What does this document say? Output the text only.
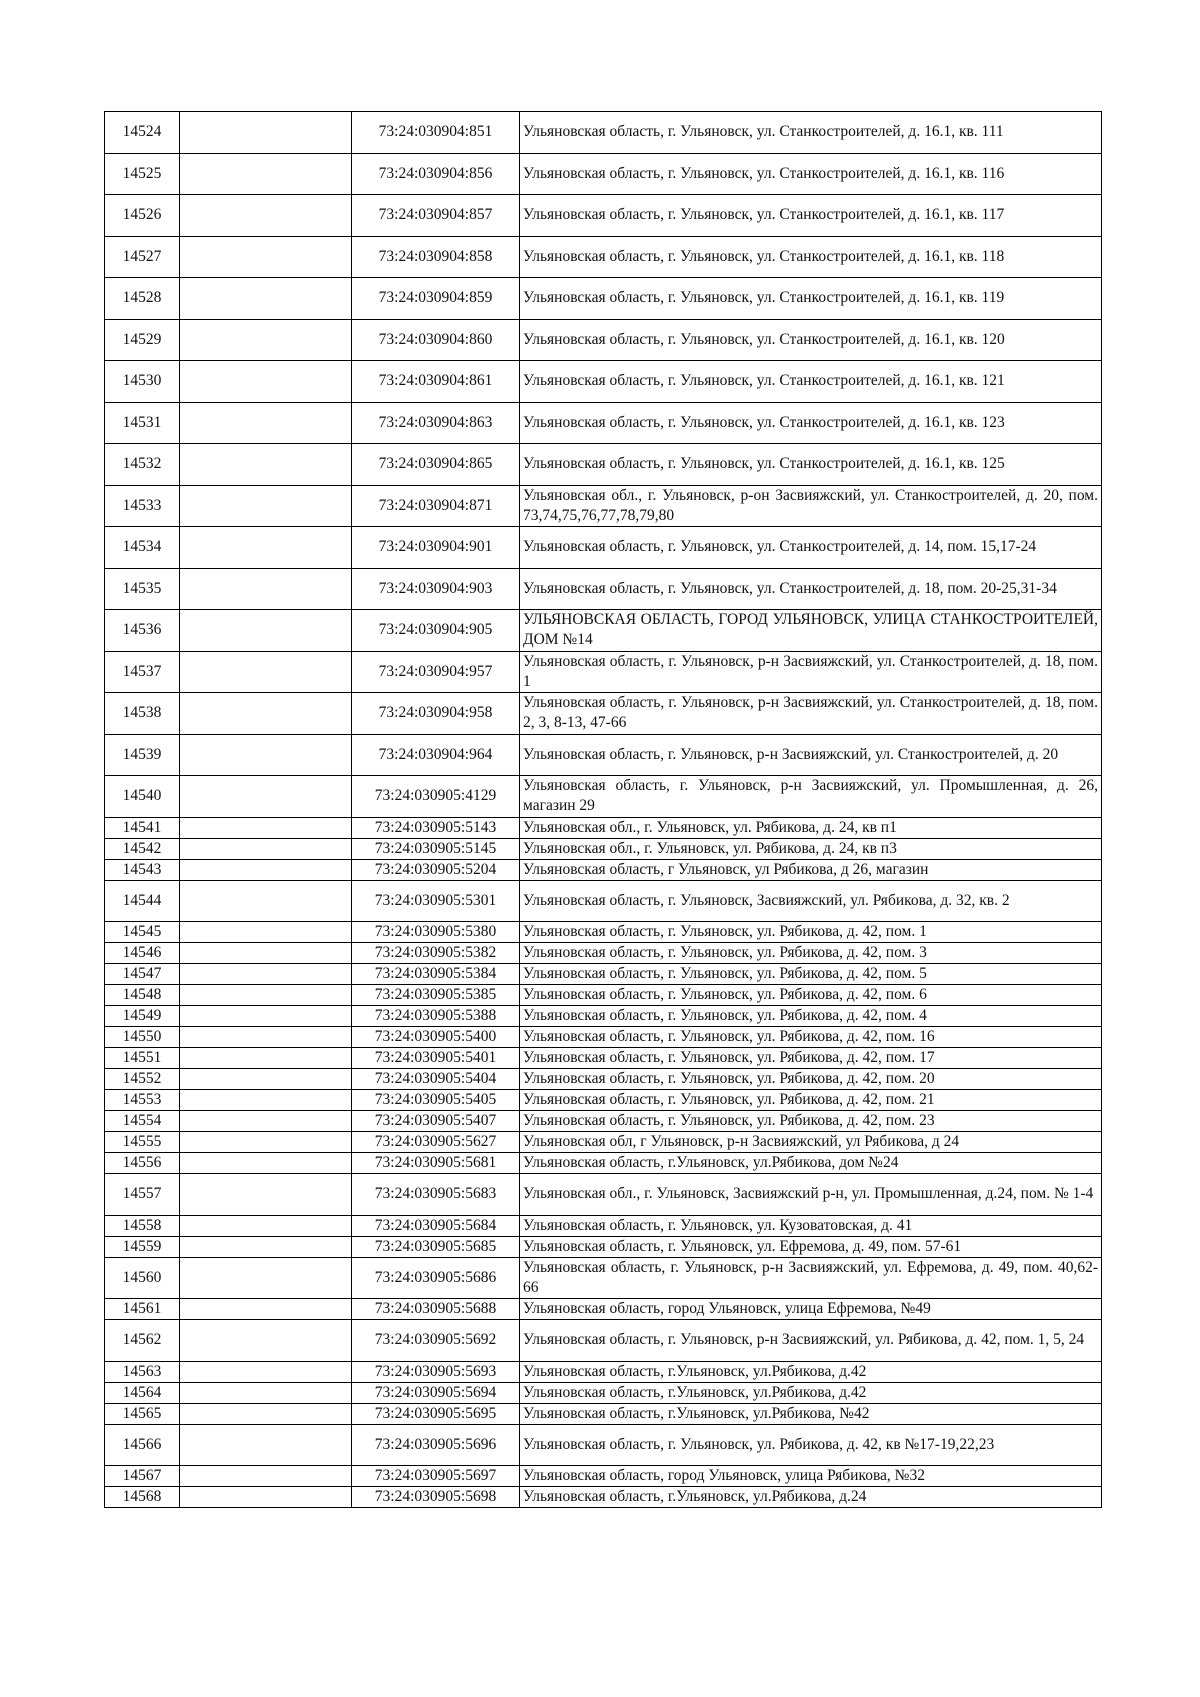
14524		73:24:030904:851	Ульяновская область, г. Ульяновск, ул. Станкостроителей, д. 16.1, кв. 111
14525		73:24:030904:856	Ульяновская область, г. Ульяновск, ул. Станкостроителей, д. 16.1, кв. 116
14526		73:24:030904:857	Ульяновская область, г. Ульяновск, ул. Станкостроителей, д. 16.1, кв. 117
14527		73:24:030904:858	Ульяновская область, г. Ульяновск, ул. Станкостроителей, д. 16.1, кв. 118
14528		73:24:030904:859	Ульяновская область, г. Ульяновск, ул. Станкостроителей, д. 16.1, кв. 119
14529		73:24:030904:860	Ульяновская область, г. Ульяновск, ул. Станкостроителей, д. 16.1, кв. 120
14530		73:24:030904:861	Ульяновская область, г. Ульяновск, ул. Станкостроителей, д. 16.1, кв. 121
14531		73:24:030904:863	Ульяновская область, г. Ульяновск, ул. Станкостроителей, д. 16.1, кв. 123
14532		73:24:030904:865	Ульяновская область, г. Ульяновск, ул. Станкостроителей, д. 16.1, кв. 125
14533		73:24:030904:871	Ульяновская обл., г. Ульяновск, р-он Засвияжский, ул. Станкостроителей, д. 20, пом. 73,74,75,76,77,78,79,80
14534		73:24:030904:901	Ульяновская область, г. Ульяновск, ул. Станкостроителей, д. 14, пом. 15,17-24
14535		73:24:030904:903	Ульяновская область, г. Ульяновск, ул. Станкостроителей, д. 18, пом. 20-25,31-34
14536		73:24:030904:905	УЛЬЯНОВСКАЯ ОБЛАСТЬ, ГОРОД УЛЬЯНОВСК, УЛИЦА СТАНКОСТРОИТЕЛЕЙ, ДОМ №14
14537		73:24:030904:957	Ульяновская область, г. Ульяновск, р-н Засвияжский, ул. Станкостроителей, д. 18, пом. 1
14538		73:24:030904:958	Ульяновская область, г. Ульяновск, р-н Засвияжский, ул. Станкостроителей, д. 18, пом. 2, 3, 8-13, 47-66
14539		73:24:030904:964	Ульяновская область, г. Ульяновск, р-н Засвияжский, ул. Станкостроителей, д. 20
14540		73:24:030905:4129	Ульяновская область, г. Ульяновск, р-н Засвияжский, ул. Промышленная, д. 26, магазин 29
14541		73:24:030905:5143	Ульяновская обл., г. Ульяновск, ул. Рябикова, д. 24, кв п1
14542		73:24:030905:5145	Ульяновская обл., г. Ульяновск, ул. Рябикова, д. 24, кв п3
14543		73:24:030905:5204	Ульяновская область, г Ульяновск, ул Рябикова, д 26, магазин
14544		73:24:030905:5301	Ульяновская область, г. Ульяновск, Засвияжский, ул. Рябикова, д. 32, кв. 2
14545		73:24:030905:5380	Ульяновская область, г. Ульяновск, ул. Рябикова, д. 42, пом. 1
14546		73:24:030905:5382	Ульяновская область, г. Ульяновск, ул. Рябикова, д. 42, пом. 3
14547		73:24:030905:5384	Ульяновская область, г. Ульяновск, ул. Рябикова, д. 42, пом. 5
14548		73:24:030905:5385	Ульяновская область, г. Ульяновск, ул. Рябикова, д. 42, пом. 6
14549		73:24:030905:5388	Ульяновская область, г. Ульяновск, ул. Рябикова, д. 42, пом. 4
14550		73:24:030905:5400	Ульяновская область, г. Ульяновск, ул. Рябикова, д. 42, пом. 16
14551		73:24:030905:5401	Ульяновская область, г. Ульяновск, ул. Рябикова, д. 42, пом. 17
14552		73:24:030905:5404	Ульяновская область, г. Ульяновск, ул. Рябикова, д. 42, пом. 20
14553		73:24:030905:5405	Ульяновская область, г. Ульяновск, ул. Рябикова, д. 42, пом. 21
14554		73:24:030905:5407	Ульяновская область, г. Ульяновск, ул. Рябикова, д. 42, пом. 23
14555		73:24:030905:5627	Ульяновская обл, г Ульяновск, р-н Засвияжский, ул Рябикова, д 24
14556		73:24:030905:5681	Ульяновская область, г.Ульяновск, ул.Рябикова, дом №24
14557		73:24:030905:5683	Ульяновская обл., г. Ульяновск, Засвияжский р-н, ул. Промышленная, д.24, пом. № 1-4
14558		73:24:030905:5684	Ульяновская область, г. Ульяновск, ул. Кузоватовская, д. 41
14559		73:24:030905:5685	Ульяновская область, г. Ульяновск, ул. Ефремова, д. 49, пом. 57-61
14560		73:24:030905:5686	Ульяновская область, г. Ульяновск, р-н Засвияжский, ул. Ефремова, д. 49, пом. 40,62-66
14561		73:24:030905:5688	Ульяновская область, город Ульяновск, улица Ефремова, №49
14562		73:24:030905:5692	Ульяновская область, г. Ульяновск, р-н Засвияжский, ул. Рябикова, д. 42, пом. 1, 5, 24
14563		73:24:030905:5693	Ульяновская область, г.Ульяновск, ул.Рябикова, д.42
14564		73:24:030905:5694	Ульяновская область, г.Ульяновск, ул.Рябикова, д.42
14565		73:24:030905:5695	Ульяновская область, г.Ульяновск, ул.Рябикова, №42
14566		73:24:030905:5696	Ульяновская область, г. Ульяновск, ул. Рябикова, д. 42, кв №17-19,22,23
14567		73:24:030905:5697	Ульяновская область, город Ульяновск, улица Рябикова, №32
14568		73:24:030905:5698	Ульяновская область, г.Ульяновск, ул.Рябикова, д.24
